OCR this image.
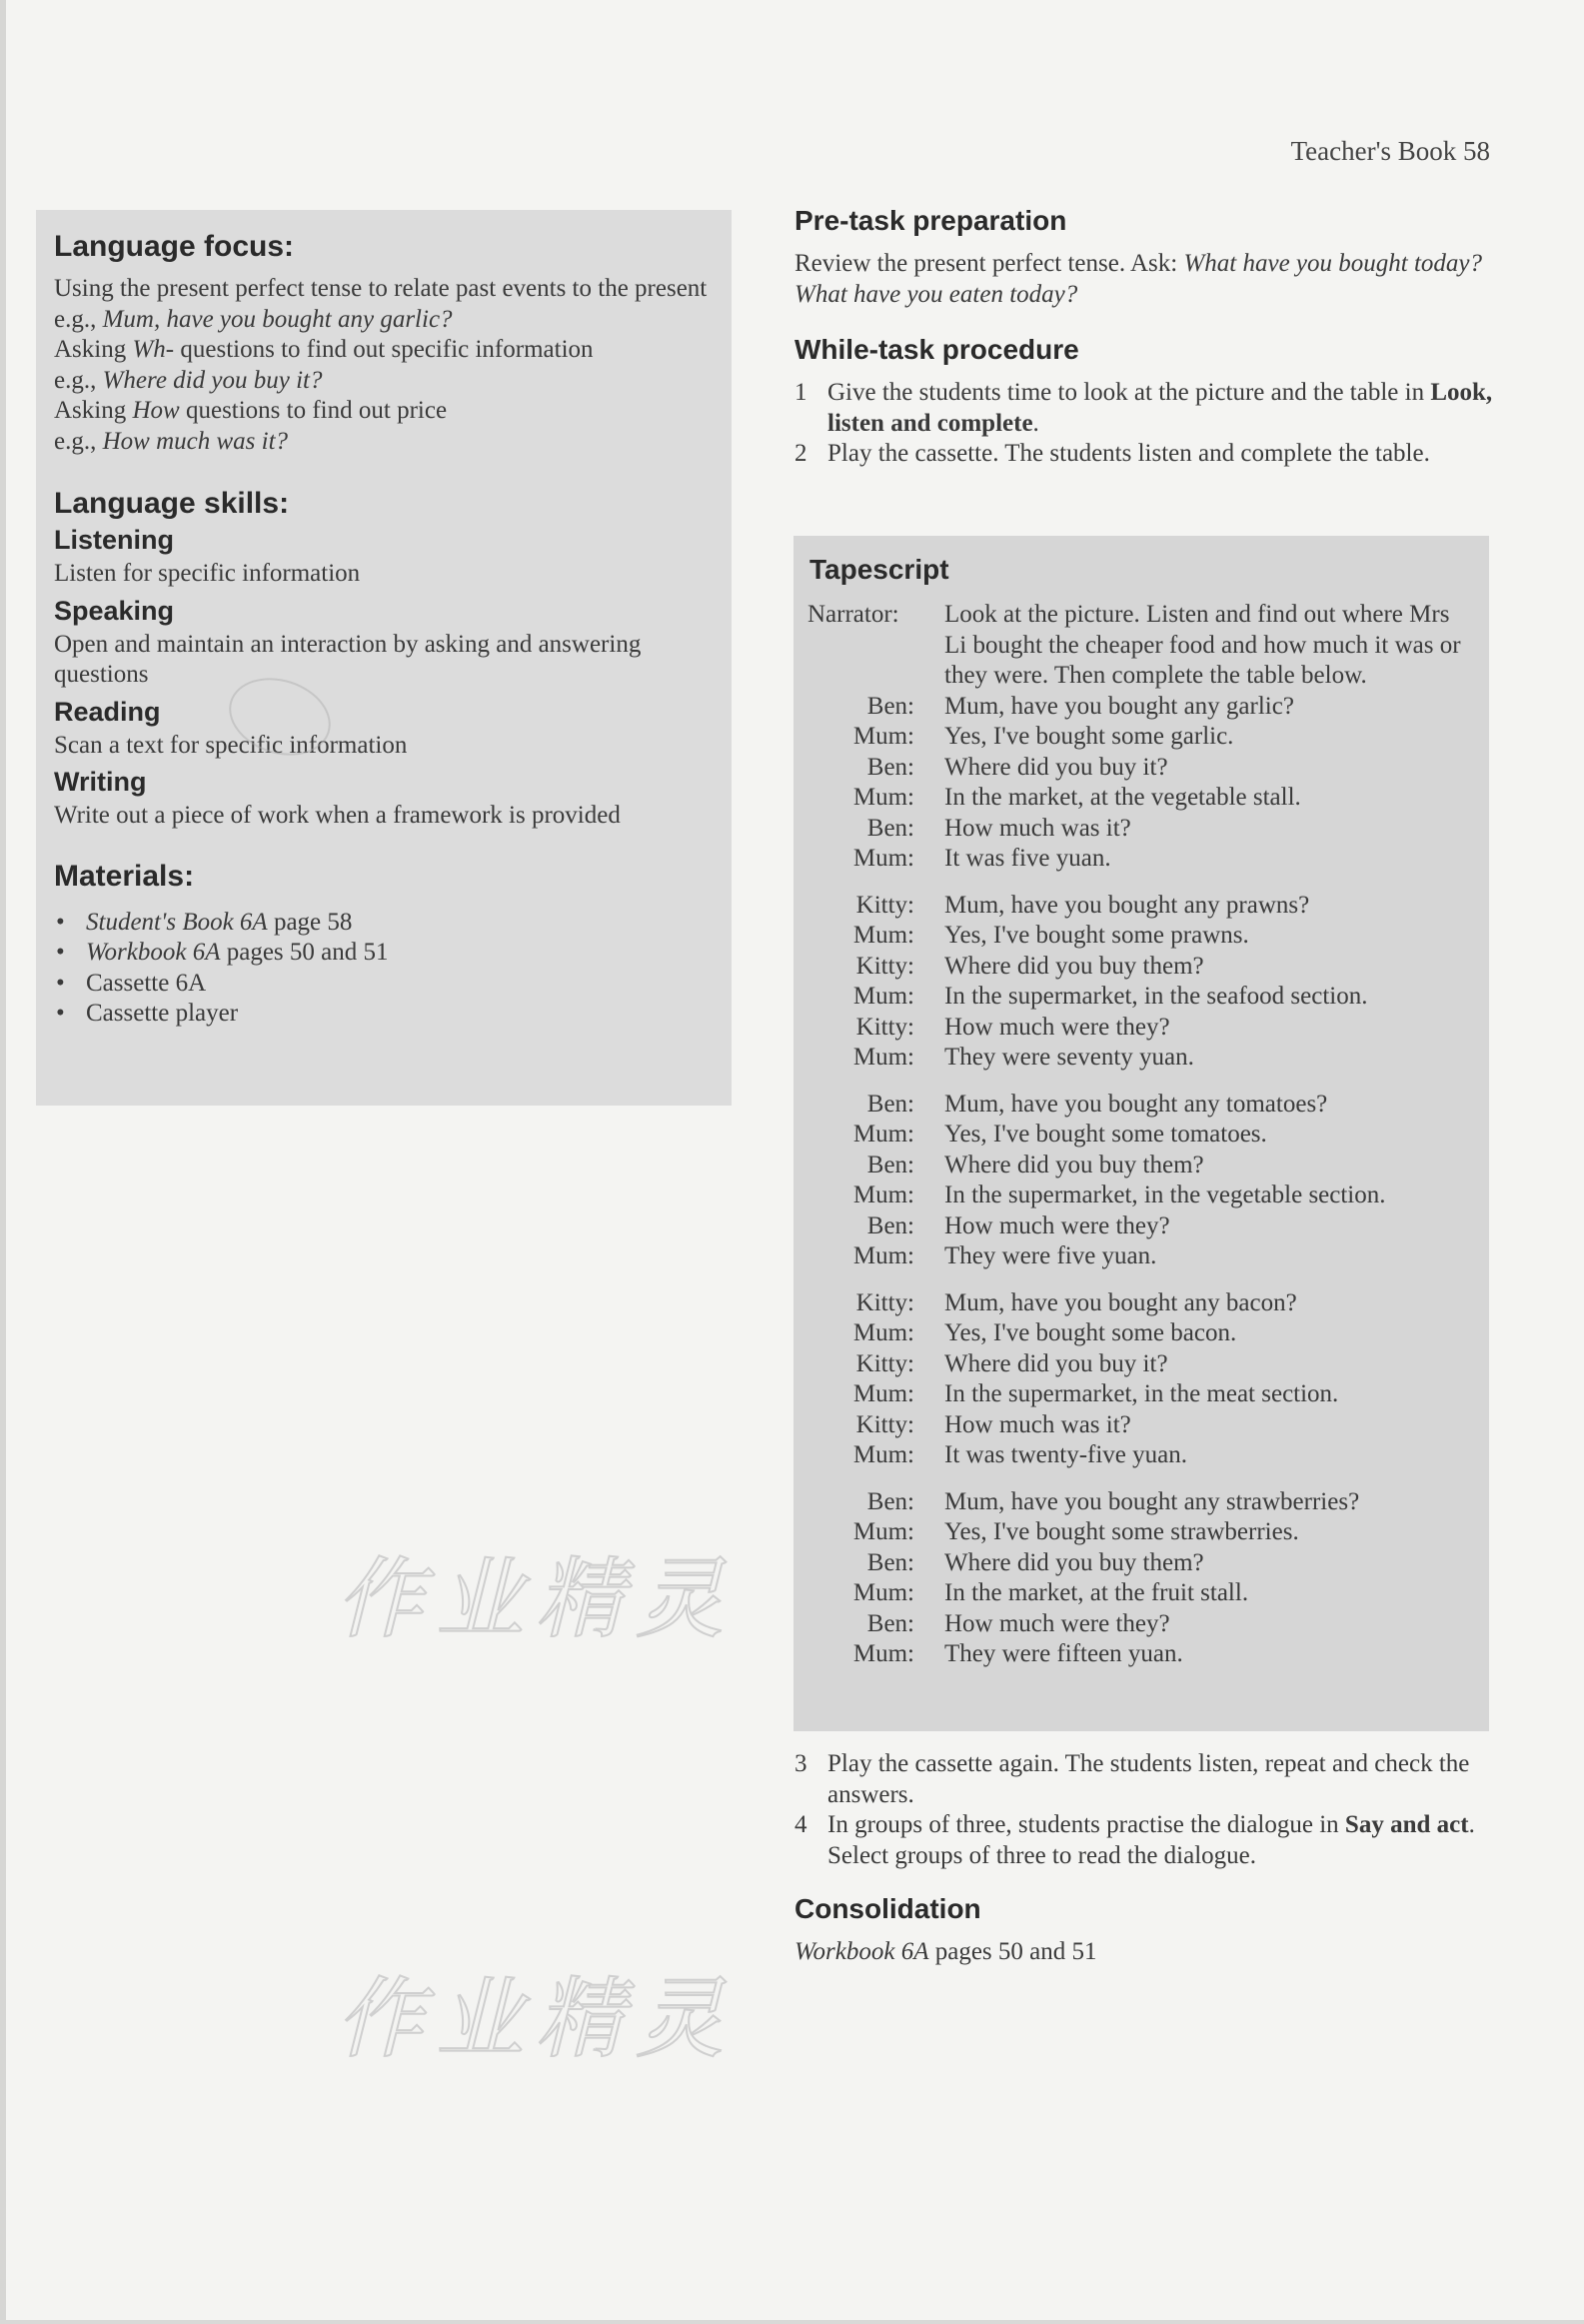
Teacher's Book 58
Language focus:
Using the present perfect tense to relate past events to the present
e.g., Mum, have you bought any garlic?
Asking Wh- questions to find out specific information
e.g., Where did you buy it?
Asking How questions to find out price
e.g., How much was it?
Language skills:
Listening
Listen for specific information
Speaking
Open and maintain an interaction by asking and answering questions
Reading
Scan a text for specific information
Writing
Write out a piece of work when a framework is provided
Materials:
• Student's Book 6A page 58
• Workbook 6A pages 50 and 51
• Cassette 6A
• Cassette player
Pre-task preparation
Review the present perfect tense. Ask: What have you bought today? What have you eaten today?
While-task procedure
1 Give the students time to look at the picture and the table in Look, listen and complete.
2 Play the cassette. The students listen and complete the table.
Tapescript
Narrator:	Look at the picture. Listen and find out where Mrs Li bought the cheaper food and how much it was or they were. Then complete the table below.
Ben:	Mum, have you bought any garlic?
Mum:	Yes, I've bought some garlic.
Ben:	Where did you buy it?
Mum:	In the market, at the vegetable stall.
Ben:	How much was it?
Mum:	It was five yuan.
Kitty:	Mum, have you bought any prawns?
Mum:	Yes, I've bought some prawns.
Kitty:	Where did you buy them?
Mum:	In the supermarket, in the seafood section.
Kitty:	How much were they?
Mum:	They were seventy yuan.
Ben:	Mum, have you bought any tomatoes?
Mum:	Yes, I've bought some tomatoes.
Ben:	Where did you buy them?
Mum:	In the supermarket, in the vegetable section.
Ben:	How much were they?
Mum:	They were five yuan.
Kitty:	Mum, have you bought any bacon?
Mum:	Yes, I've bought some bacon.
Kitty:	Where did you buy it?
Mum:	In the supermarket, in the meat section.
Kitty:	How much was it?
Mum:	It was twenty-five yuan.
Ben:	Mum, have you bought any strawberries?
Mum:	Yes, I've bought some strawberries.
Ben:	Where did you buy them?
Mum:	In the market, at the fruit stall.
Ben:	How much were they?
Mum:	They were fifteen yuan.
3 Play the cassette again. The students listen, repeat and check the answers.
4 In groups of three, students practise the dialogue in Say and act. Select groups of three to read the dialogue.
Consolidation
Workbook 6A pages 50 and 51
作业精灵
作业精灵
